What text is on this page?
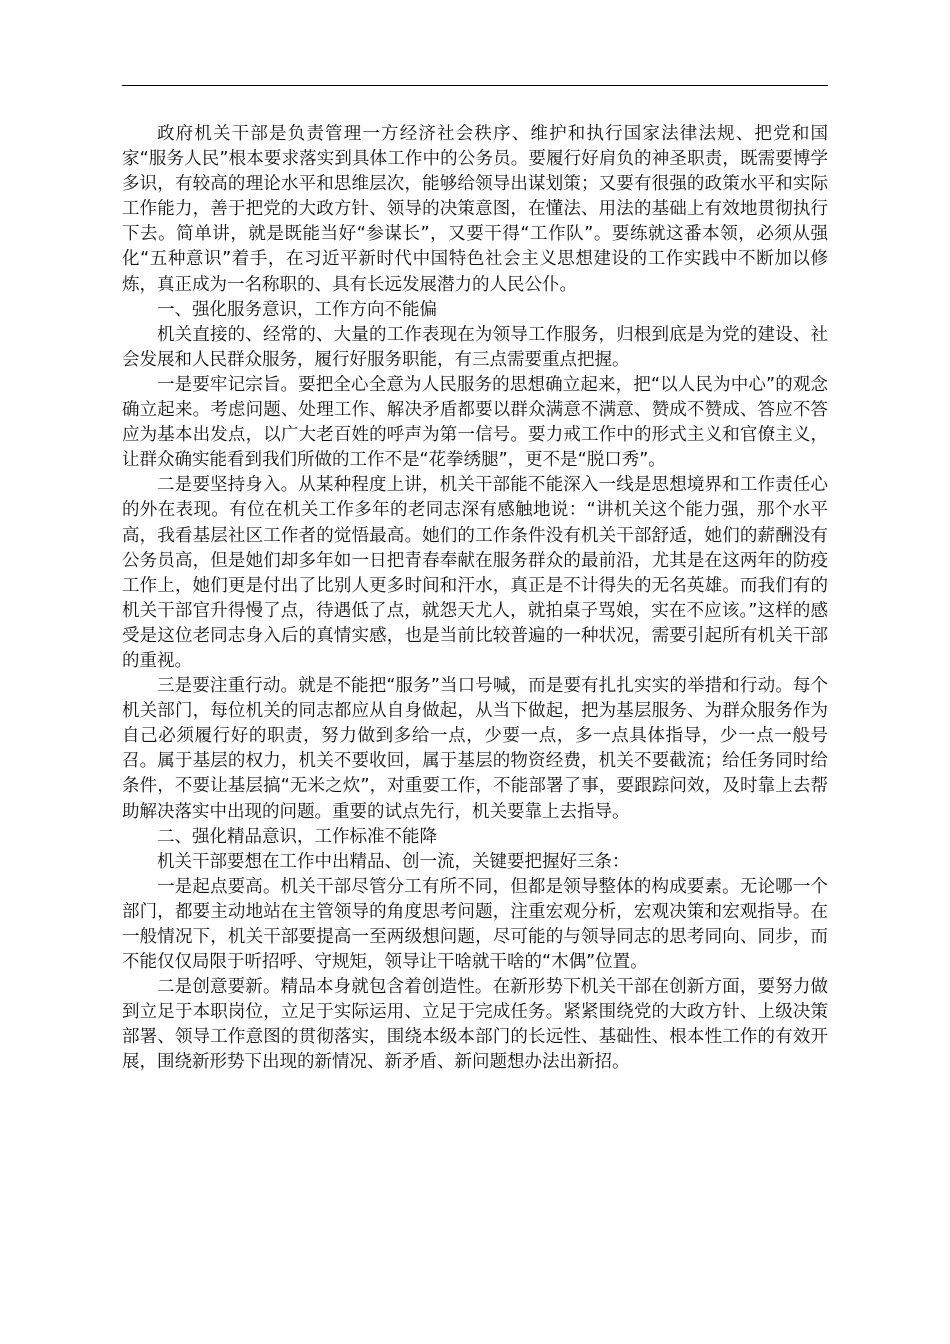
政府机关干部是负责管理一方经济社会秩序、维护和执行国家法律法规、把党和国家“服务人民”根本要求落实到具体工作中的公务员。要履行好肩负的神圣职责，既需要博学多识，有较高的理论水平和思维层次，能够给领导出谋划策；又要有很强的政策水平和实际工作能力，善于把党的大政方针、领导的决策意图，在懂法、用法的基础上有效地贯彻执行下去。简单讲，就是既能当好“参谋长”，又要干得“工作队”。要练就这番本领，必须从强化“五种意识”着手，在习近平新时代中国特色社会主义思想建设的工作实践中不断加以修炼，真正成为一名称职的、具有长远发展潜力的人民公仆。

一、强化服务意识，工作方向不能偏

机关直接的、经常的、大量的工作表现在为领导工作服务，归根到底是为党的建设、社会发展和人民群众服务，履行好服务职能，有三点需要重点把握。

一是要牢记宗旨。要把全心全意为人民服务的思想确立起来，把“以人民为中心”的观念确立起来。考虑问题、处理工作、解决矛盾都要以群众满意不满意、赞成不赞成、答应不答应为基本出发点，以广大老百姓的呼声为第一信号。要力戒工作中的形式主义和官僚主义，让群众确实能看到我们所做的工作不是“花拳绣腿”，更不是“脱口秀”。

二是要坚持身入。从某种程度上讲，机关干部能不能深入一线是思想境界和工作责任心的外在表现。有位在机关工作多年的老同志深有感触地说：“讲机关这个能力强，那个水平高，我看基层社区工作者的觉悟最高。她们的工作条件没有机关干部舒适，她们的薪酬没有公务员高，但是她们却多年如一日把青春奉献在服务群众的最前沿，尤其是在这两年的防疫工作上，她们更是付出了比别人更多时间和汗水，真正是不计得失的无名英雄。而我们有的机关干部官升得慢了点，待遇低了点，就怨天尤人，就拍桌子骂娘，实在不应该。”这样的感受是这位老同志身入后的真情实感，也是当前比较普遍的一种状况，需要引起所有机关干部的重视。

三是要注重行动。就是不能把“服务”当口号喊，而是要有扎扎实实的举措和行动。每个机关部门，每位机关的同志都应从自身做起，从当下做起，把为基层服务、为群众服务作为自己必须履行好的职责，努力做到多给一点，少要一点，多一点具体指导，少一点一般号召。属于基层的权力，机关不要收回，属于基层的物资经费，机关不要截流；给任务同时给条件，不要让基层搞“无米之炊”，对重要工作，不能部署了事，要跟踪问效，及时靠上去帮助解决落实中出现的问题。重要的试点先行，机关要靠上去指导。

二、强化精品意识，工作标准不能降

机关干部要想在工作中出精品、创一流，关键要把握好三条：

一是起点要高。机关干部尽管分工有所不同，但都是领导整体的构成要素。无论哪一个部门，都要主动地站在主管领导的角度思考问题，注重宏观分析，宏观决策和宏观指导。在一般情况下，机关干部要提高一至两级想问题，尽可能的与领导同志的思考同向、同步，而不能仅仅局限于听招呼、守规矩，领导让干啥就干啥的“木偶”位置。

二是创意要新。精品本身就包含着创造性。在新形势下机关干部在创新方面，要努力做到立足于本职岗位，立足于实际运用、立足于完成任务。紧紧围绕党的大政方针、上级决策部署、领导工作意图的贯彻落实，围绕本级本部门的长远性、基础性、根本性工作的有效开展，围绕新形势下出现的新情况、新矛盾、新问题想办法出新招。
